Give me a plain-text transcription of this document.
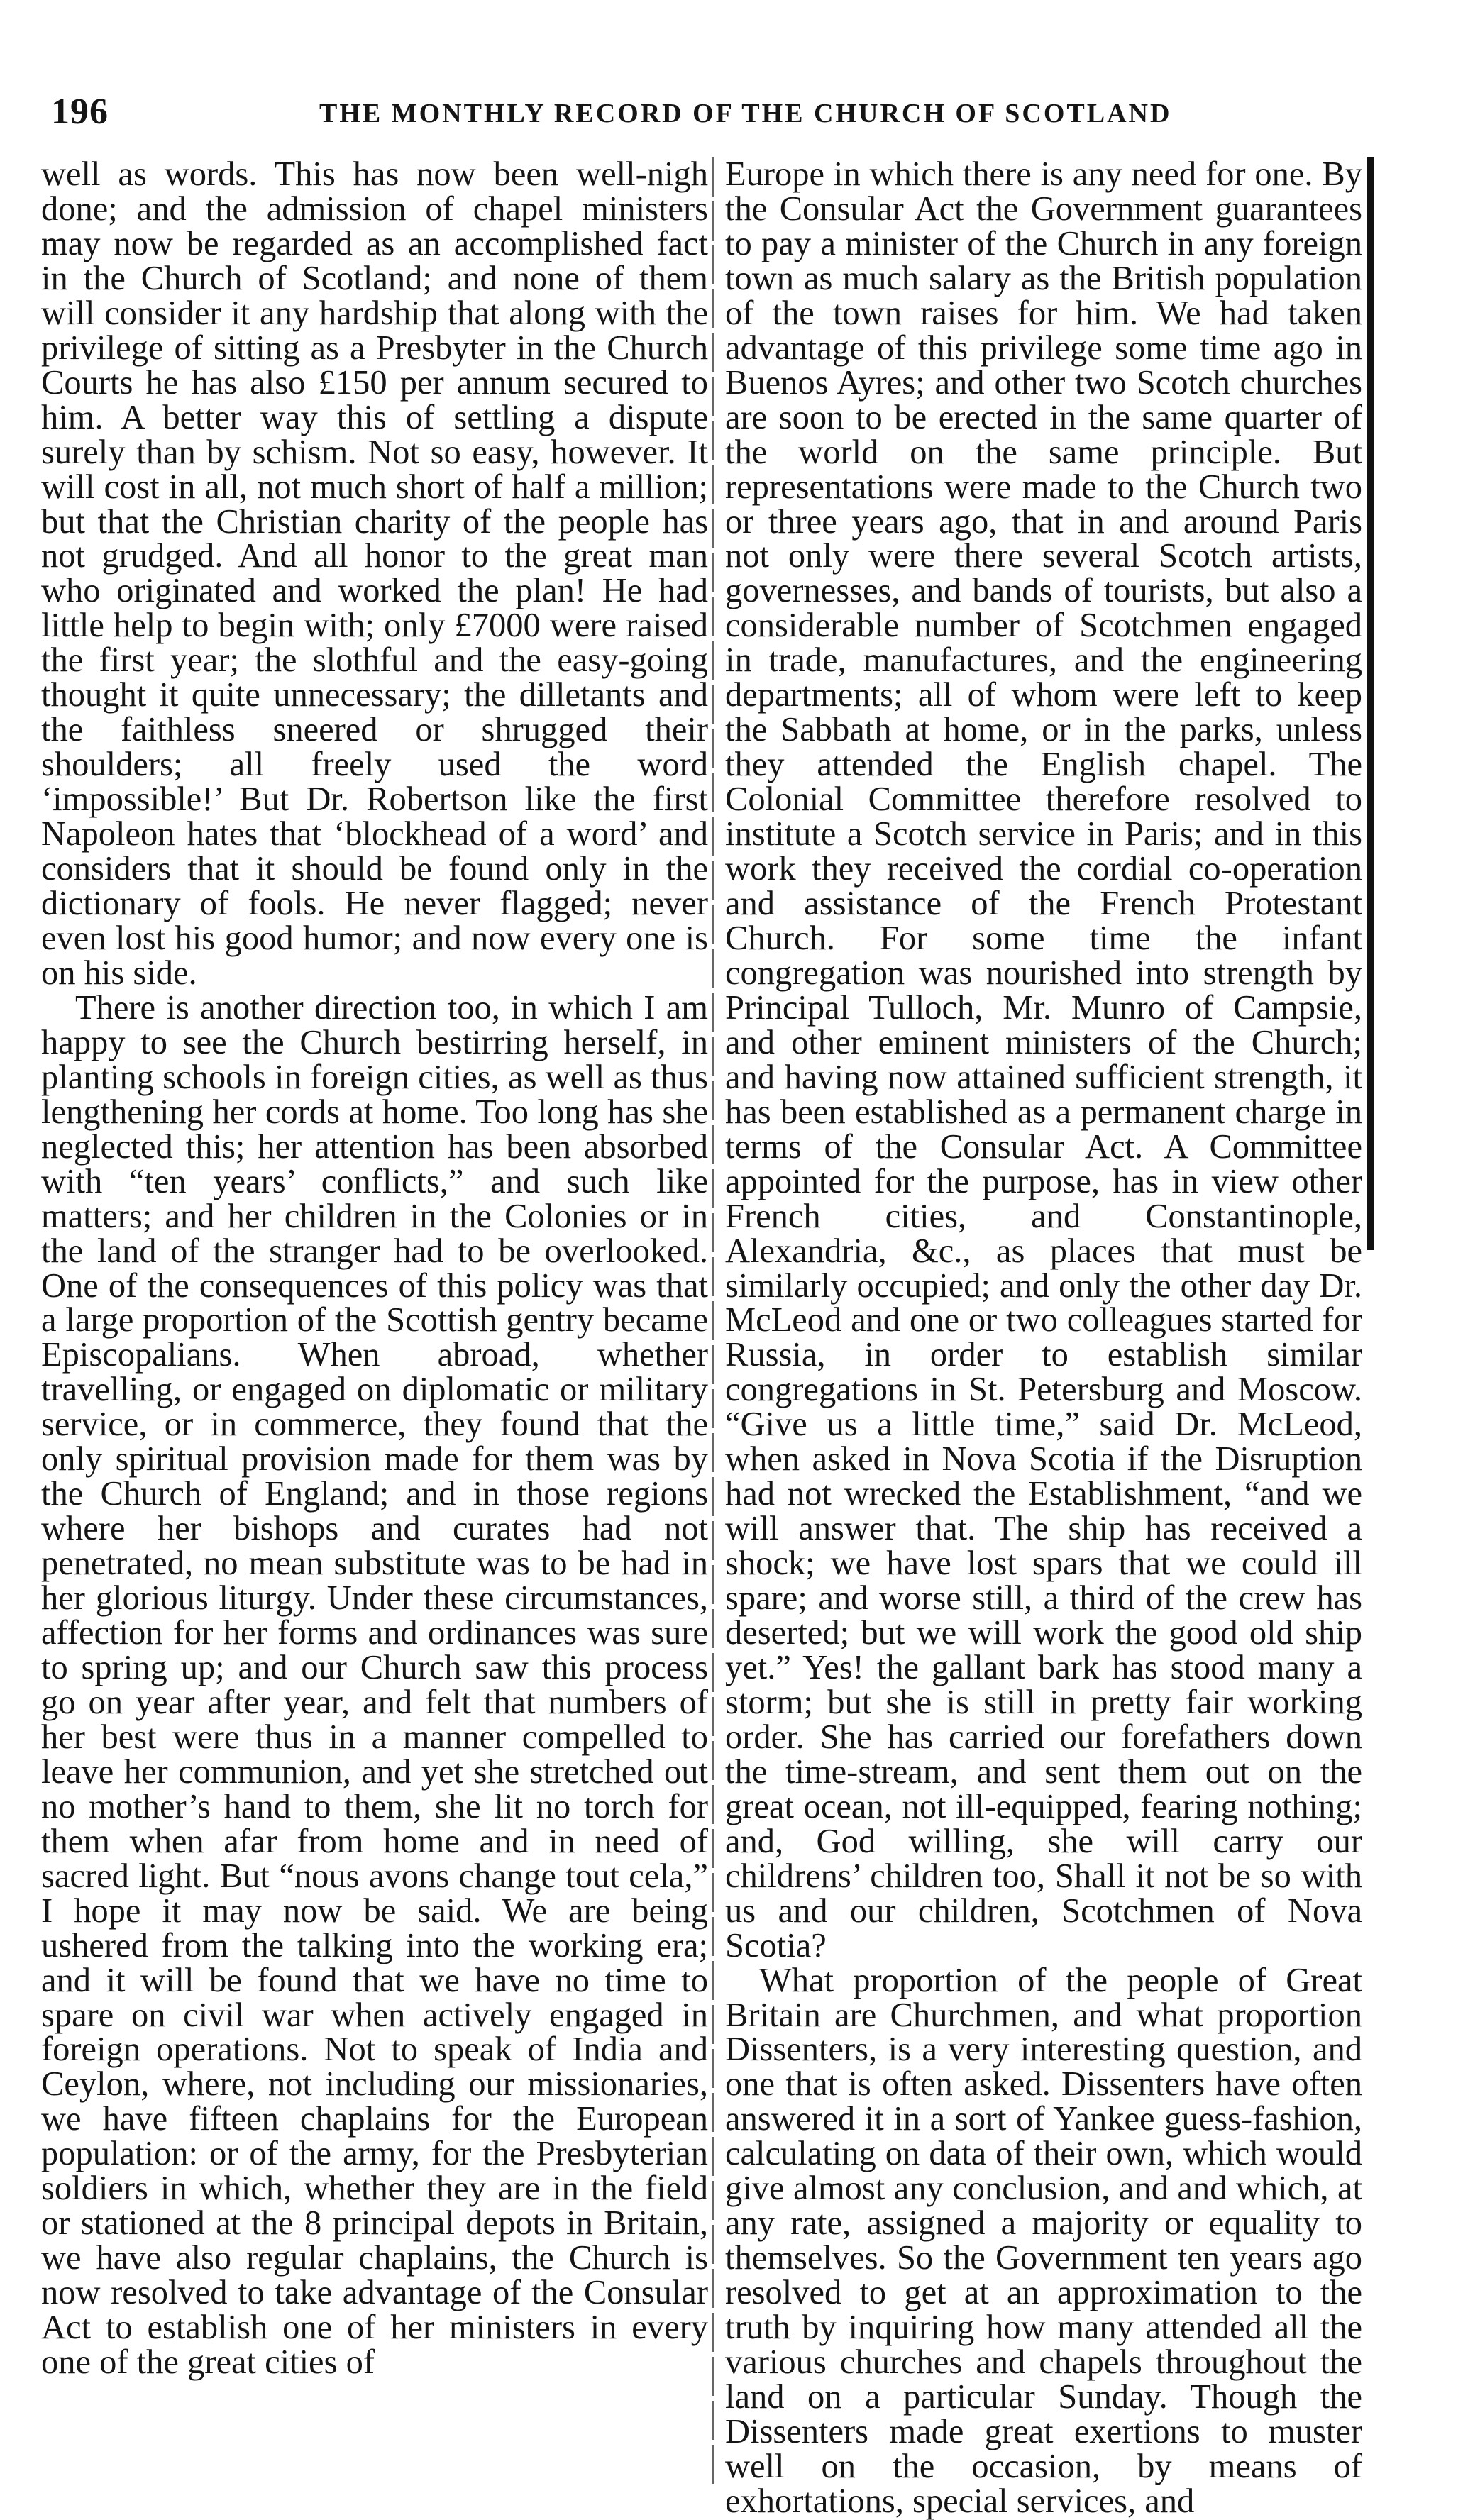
196	THE MONTHLY RECORD OF THE CHURCH OF SCOTLAND

well as words. This has now been well-nigh done; and the admission of chapel ministers may now be regarded as an accomplished fact in the Church of Scotland; and none of them will consider it any hardship that along with the privilege of sitting as a Presbyter in the Church Courts he has also £150 per annum secured to him. A better way this of settling a dispute surely than by schism. Not so easy, however. It will cost in all, not much short of half a million; but that the Christian charity of the people has not grudged. And all honor to the great man who originated and worked the plan! He had little help to begin with; only £7000 were raised the first year; the slothful and the easy-going thought it quite unnecessary; the dilletants and the faithless sneered or shrugged their shoulders; all freely used the word ‘impossible!’ But Dr. Robertson like the first Napoleon hates that ‘blockhead of a word’ and considers that it should be found only in the dictionary of fools. He never flagged; never even lost his good humor; and now every one is on his side.

There is another direction too, in which I am happy to see the Church bestirring herself, in planting schools in foreign cities, as well as thus lengthening her cords at home. Too long has she neglected this; her attention has been absorbed with “ten years’ conflicts,” and such like matters; and her children in the Colonies or in the land of the stranger had to be overlooked. One of the consequences of this policy was that a large proportion of the Scottish gentry became Episcopalians. When abroad, whether travelling, or engaged on diplomatic or military service, or in commerce, they found that the only spiritual provision made for them was by the Church of England; and in those regions where her bishops and curates had not penetrated, no mean substitute was to be had in her glorious liturgy. Under these circumstances, affection for her forms and ordinances was sure to spring up; and our Church saw this process go on year after year, and felt that numbers of her best were thus in a manner compelled to leave her communion, and yet she stretched out no mother’s hand to them, she lit no torch for them when afar from home and in need of sacred light. But “nous avons change tout cela,” I hope it may now be said. We are being ushered from the talking into the working era; and it will be found that we have no time to spare on civil war when actively engaged in foreign operations. Not to speak of India and Ceylon, where, not including our missionaries, we have fifteen chaplains for the European population: or of the army, for the Presbyterian soldiers in which, whether they are in the field or stationed at the 8 principal depots in Britain, we have also regular chaplains, the Church is now resolved to take advantage of the Consular Act to establish one of her ministers in every one of the great cities of

Europe in which there is any need for one. By the Consular Act the Government guarantees to pay a minister of the Church in any foreign town as much salary as the British population of the town raises for him. We had taken advantage of this privilege some time ago in Buenos Ayres; and other two Scotch churches are soon to be erected in the same quarter of the world on the same principle. But representations were made to the Church two or three years ago, that in and around Paris not only were there several Scotch artists, governesses, and bands of tourists, but also a considerable number of Scotchmen engaged in trade, manufactures, and the engineering departments; all of whom were left to keep the Sabbath at home, or in the parks, unless they attended the English chapel. The Colonial Committee therefore resolved to institute a Scotch service in Paris; and in this work they received the cordial co-operation and assistance of the French Protestant Church. For some time the infant congregation was nourished into strength by Principal Tulloch, Mr. Munro of Campsie, and other eminent ministers of the Church; and having now attained sufficient strength, it has been established as a permanent charge in terms of the Consular Act. A Committee appointed for the purpose, has in view other French cities, and Constantinople, Alexandria, &c., as places that must be similarly occupied; and only the other day Dr. McLeod and one or two colleagues started for Russia, in order to establish similar congregations in St. Petersburg and Moscow. “Give us a little time,” said Dr. McLeod, when asked in Nova Scotia if the Disruption had not wrecked the Establishment, “and we will answer that. The ship has received a shock; we have lost spars that we could ill spare; and worse still, a third of the crew has deserted; but we will work the good old ship yet.” Yes! the gallant bark has stood many a storm; but she is still in pretty fair working order. She has carried our forefathers down the time-stream, and sent them out on the great ocean, not ill-equipped, fearing nothing; and, God willing, she will carry our childrens’ children too, Shall it not be so with us and our children, Scotchmen of Nova Scotia?

What proportion of the people of Great Britain are Churchmen, and what proportion Dissenters, is a very interesting question, and one that is often asked. Dissenters have often answered it in a sort of Yankee guess-fashion, calculating on data of their own, which would give almost any conclusion, and and which, at any rate, assigned a majority or equality to themselves. So the Government ten years ago resolved to get at an approximation to the truth by inquiring how many attended all the various churches and chapels throughout the land on a particular Sunday. Though the Dissenters made great exertions to muster well on the occasion, by means of exhortations, special services, and
